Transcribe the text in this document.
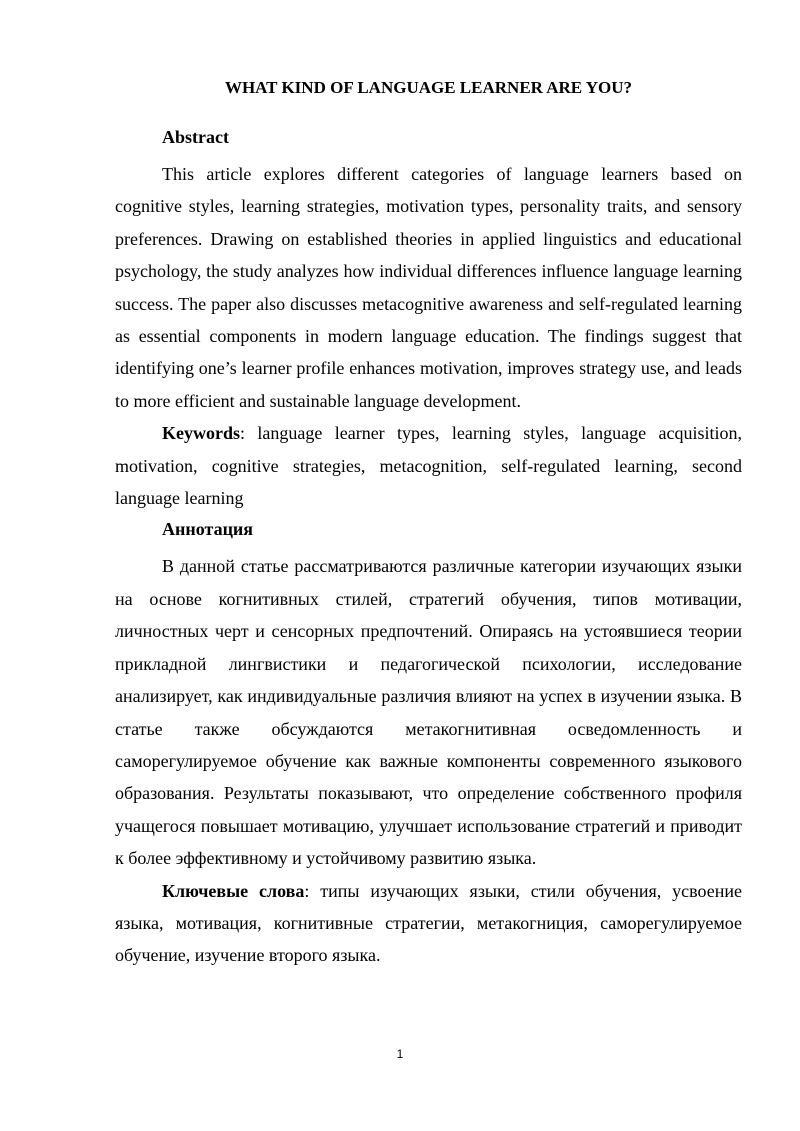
WHAT KIND OF LANGUAGE LEARNER ARE YOU?
Abstract

This article explores different categories of language learners based on cognitive styles, learning strategies, motivation types, personality traits, and sensory preferences. Drawing on established theories in applied linguistics and educational psychology, the study analyzes how individual differences influence language learning success. The paper also discusses metacognitive awareness and self-regulated learning as essential components in modern language education. The findings suggest that identifying one’s learner profile enhances motivation, improves strategy use, and leads to more efficient and sustainable language development.

Keywords: language learner types, learning styles, language acquisition, motivation, cognitive strategies, metacognition, self-regulated learning, second language learning

Аннотация

В данной статье рассматриваются различные категории изучающих языки на основе когнитивных стилей, стратегий обучения, типов мотивации, личностных черт и сенсорных предпочтений. Опираясь на устоявшиеся теории прикладной лингвистики и педагогической психологии, исследование анализирует, как индивидуальные различия влияют на успех в изучении языка. В статье также обсуждаются метакогнитивная осведомленность и саморегулируемое обучение как важные компоненты современного языкового образования. Результаты показывают, что определение собственного профиля учащегося повышает мотивацию, улучшает использование стратегий и приводит к более эффективному и устойчивому развитию языка.

Ключевые слова: типы изучающих языки, стили обучения, усвоение языка, мотивация, когнитивные стратегии, метакогниция, саморегулируемое обучение, изучение второго языка.

1
